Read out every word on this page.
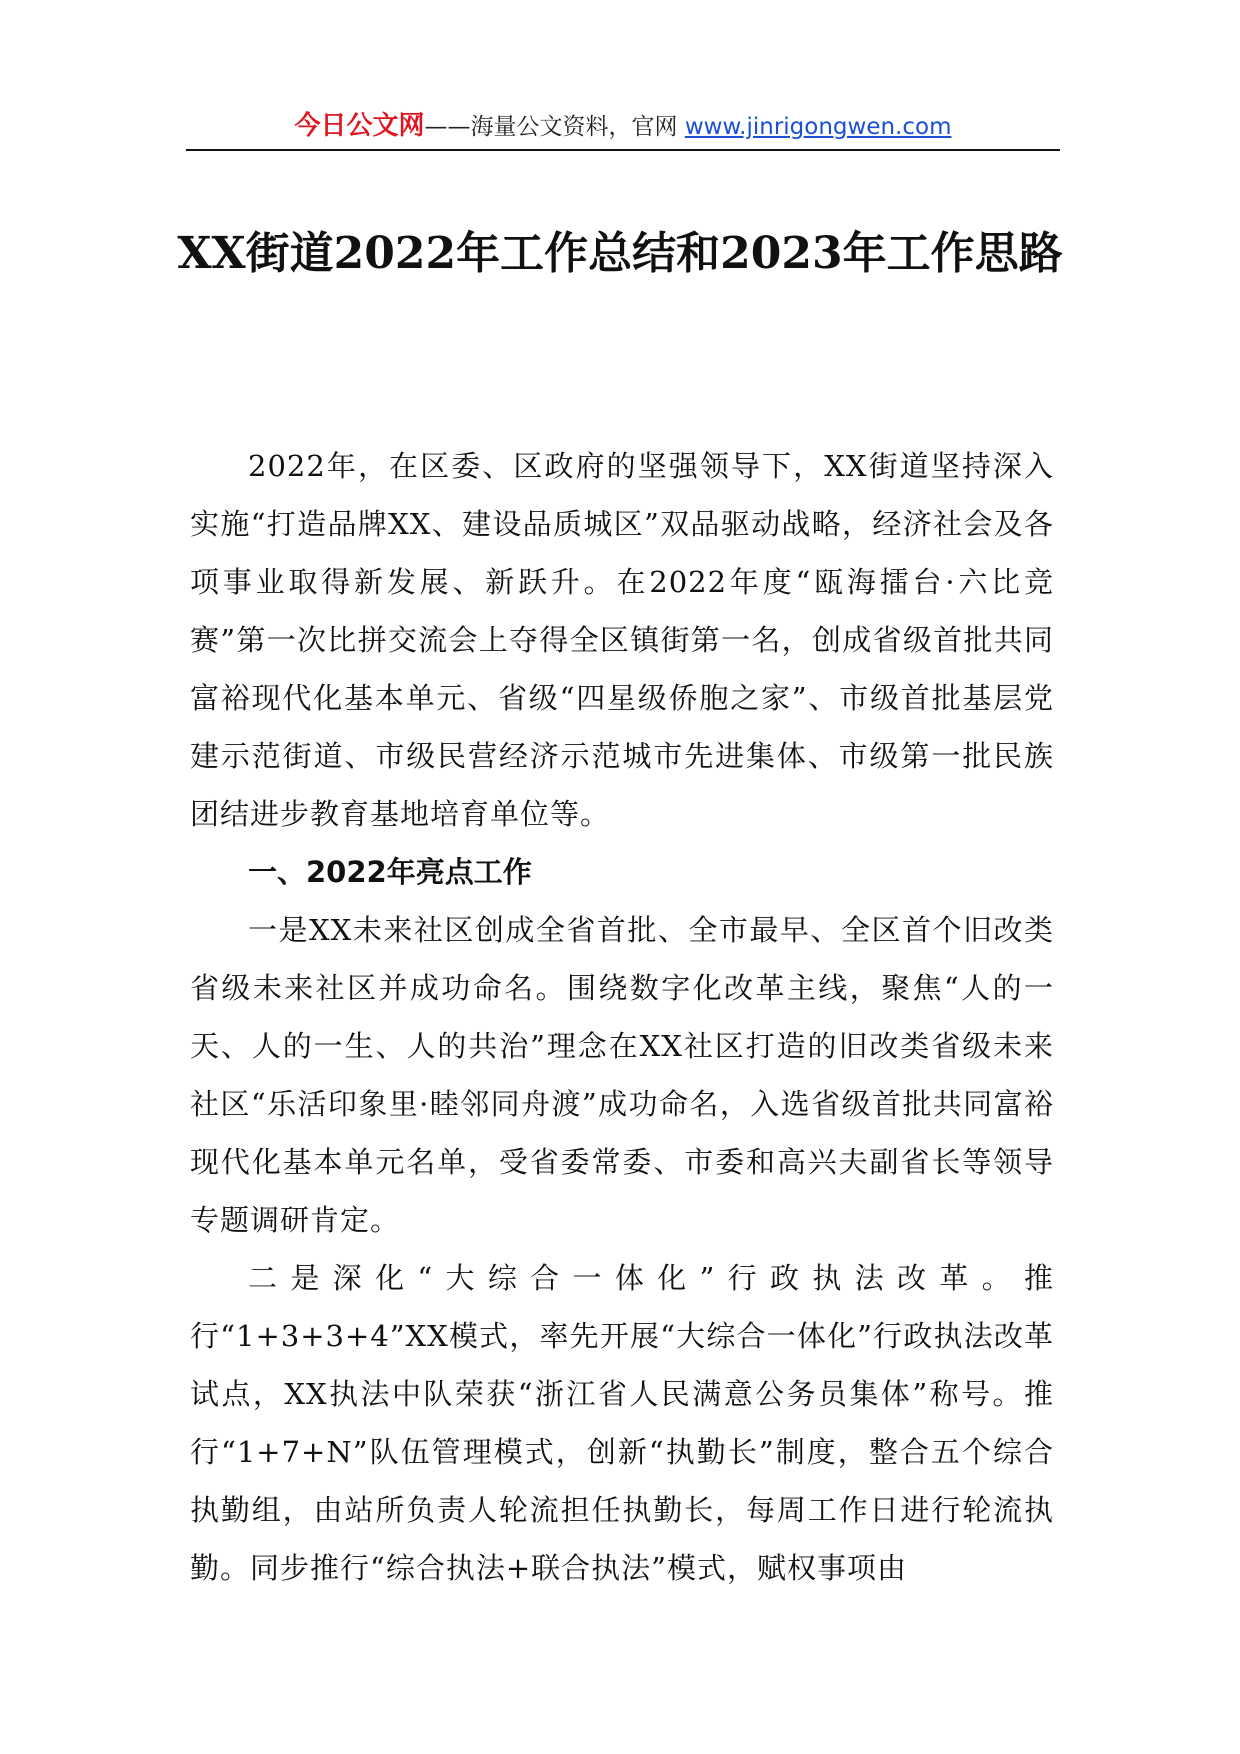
今日公文网——海量公文资料，官网 www.jinrigongwen.com
XX街道2022年工作总结和2023年工作思路

2022年，在区委、区政府的坚强领导下，XX街道坚持深入实施“打造品牌XX、建设品质城区”双品驱动战略，经济社会及各项事业取得新发展、新跃升。在2022年度“瓯海擂台·六比竞赛”第一次比拼交流会上夺得全区镇街第一名，创成省级首批共同富裕现代化基本单元、省级“四星级侨胞之家”、市级首批基层党建示范街道、市级民营经济示范城市先进集体、市级第一批民族团结进步教育基地培育单位等。

一、2022年亮点工作

一是XX未来社区创成全省首批、全市最早、全区首个旧改类省级未来社区并成功命名。围绕数字化改革主线，聚焦“人的一天、人的一生、人的共治”理念在XX社区打造的旧改类省级未来社区“乐活印象里·睦邻同舟渡”成功命名，入选省级首批共同富裕现代化基本单元名单，受省委常委、市委和高兴夫副省长等领导专题调研肯定。

二是深化“大综合一体化”行政执法改革。推行“1+3+3+4”XX模式，率先开展“大综合一体化”行政执法改革试点，XX执法中队荣获“浙江省人民满意公务员集体”称号。推行“1+7+N”队伍管理模式，创新“执勤长”制度，整合五个综合执勤组，由站所负责人轮流担任执勤长，每周工作日进行轮流执勤。同步推行“综合执法+联合执法”模式，赋权事项由
